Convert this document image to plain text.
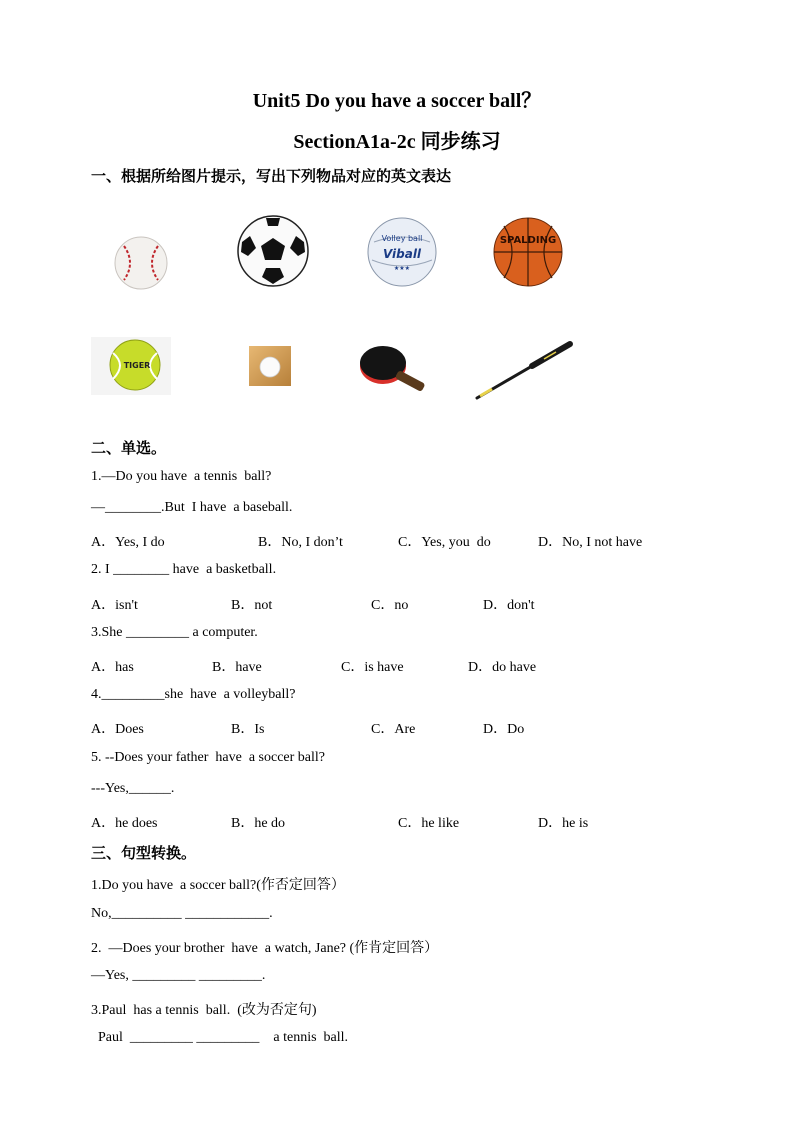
Unit5 Do you have a soccer ball？
SectionA1a-2c 同步练习
一、根据所给图片提示，写出下列物品对应的英文表达
Volley ball
Viball
★★★
SPALDING
TIGER
二、单选。
1.—Do you have  a tennis  ball?
—________.But  I have  a baseball.
A．Yes, I do	B．No, I don’t	C．Yes, you  do	D．No, I not have
2. I ________ have  a basketball.
A．isn't	B．not	C．no	D．don't
3.She _________ a computer.
A．has	B．have	C．is have	D．do have
4._________she  have  a volleyball?
A．Does	B．Is	C．Are	D．Do
5. --Does your father  have  a soccer ball?
---Yes,______.
A．he does	B．he do	C．he like	D．he is
三、句型转换。
1.Do you have  a soccer ball?(作否定回答）
No,__________ ____________.
2.  —Does your brother  have  a watch, Jane? (作肯定回答）
—Yes, _________ _________.
3.Paul  has a tennis  ball.  (改为否定句)
Paul  _________ _________    a tennis  ball.
